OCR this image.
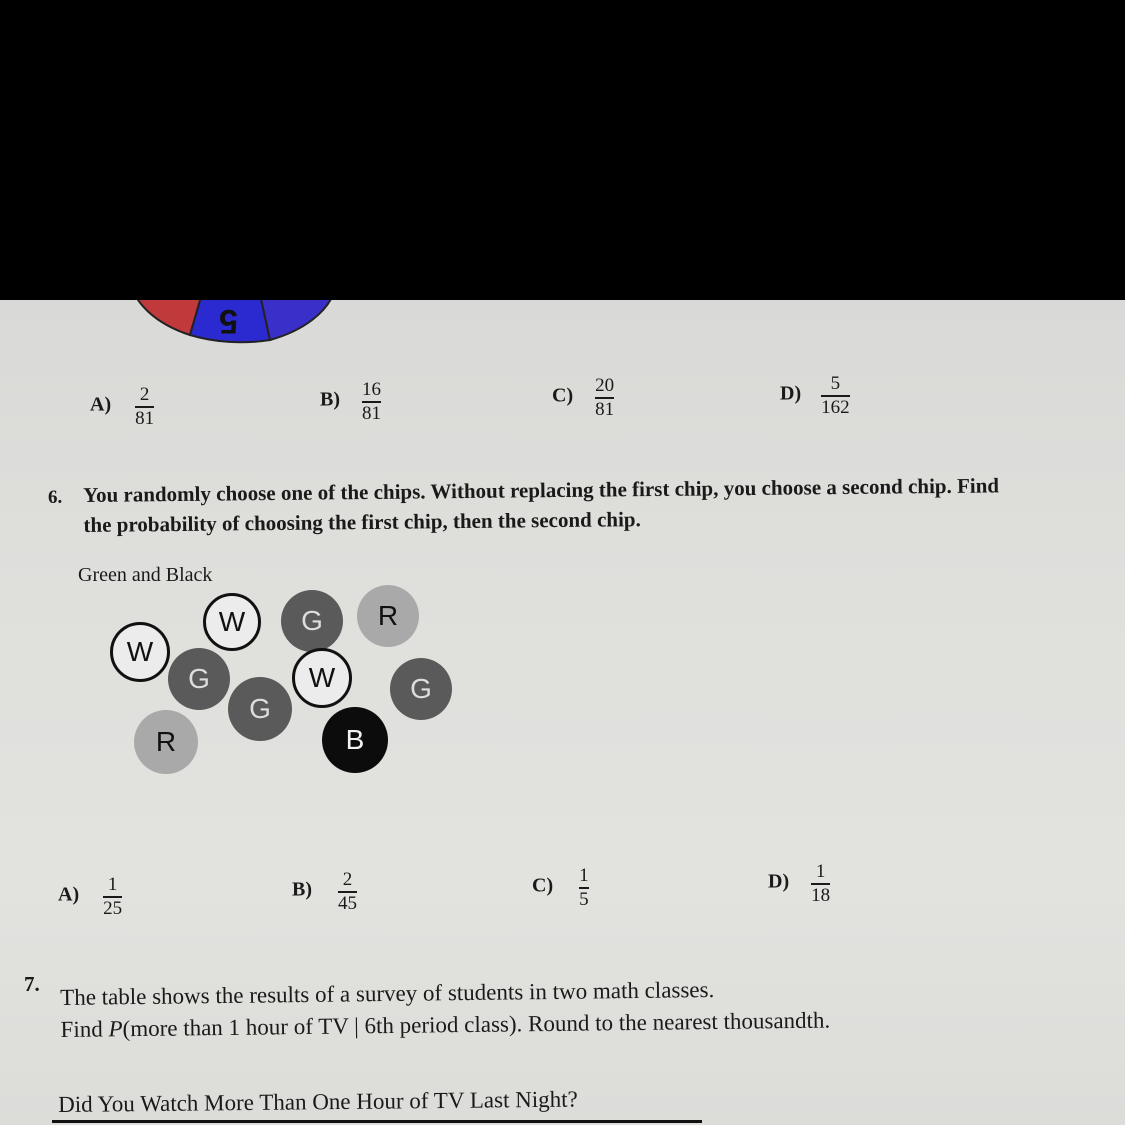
5
$A) \frac{2}{81}$	$B) \frac{16}{81}$	$C) \frac{20}{81}$	$D) \frac{5}{162}$
6. You randomly choose one of the chips. Without replacing the first chip, you choose a second chip. Find
the probability of choosing the first chip, then the second chip.
Green and Black
W	G	R
W
G	W	G
G
R	B
$A) \frac{1}{25}$	$B) \frac{2}{45}$	$C) \frac{1}{5}$	$D) \frac{1}{18}$
7. The table shows the results of a survey of students in two math classes.
Find P(more than 1 hour of TV | 6th period class). Round to the nearest thousandth.
Did You Watch More Than One Hour of TV Last Night?
